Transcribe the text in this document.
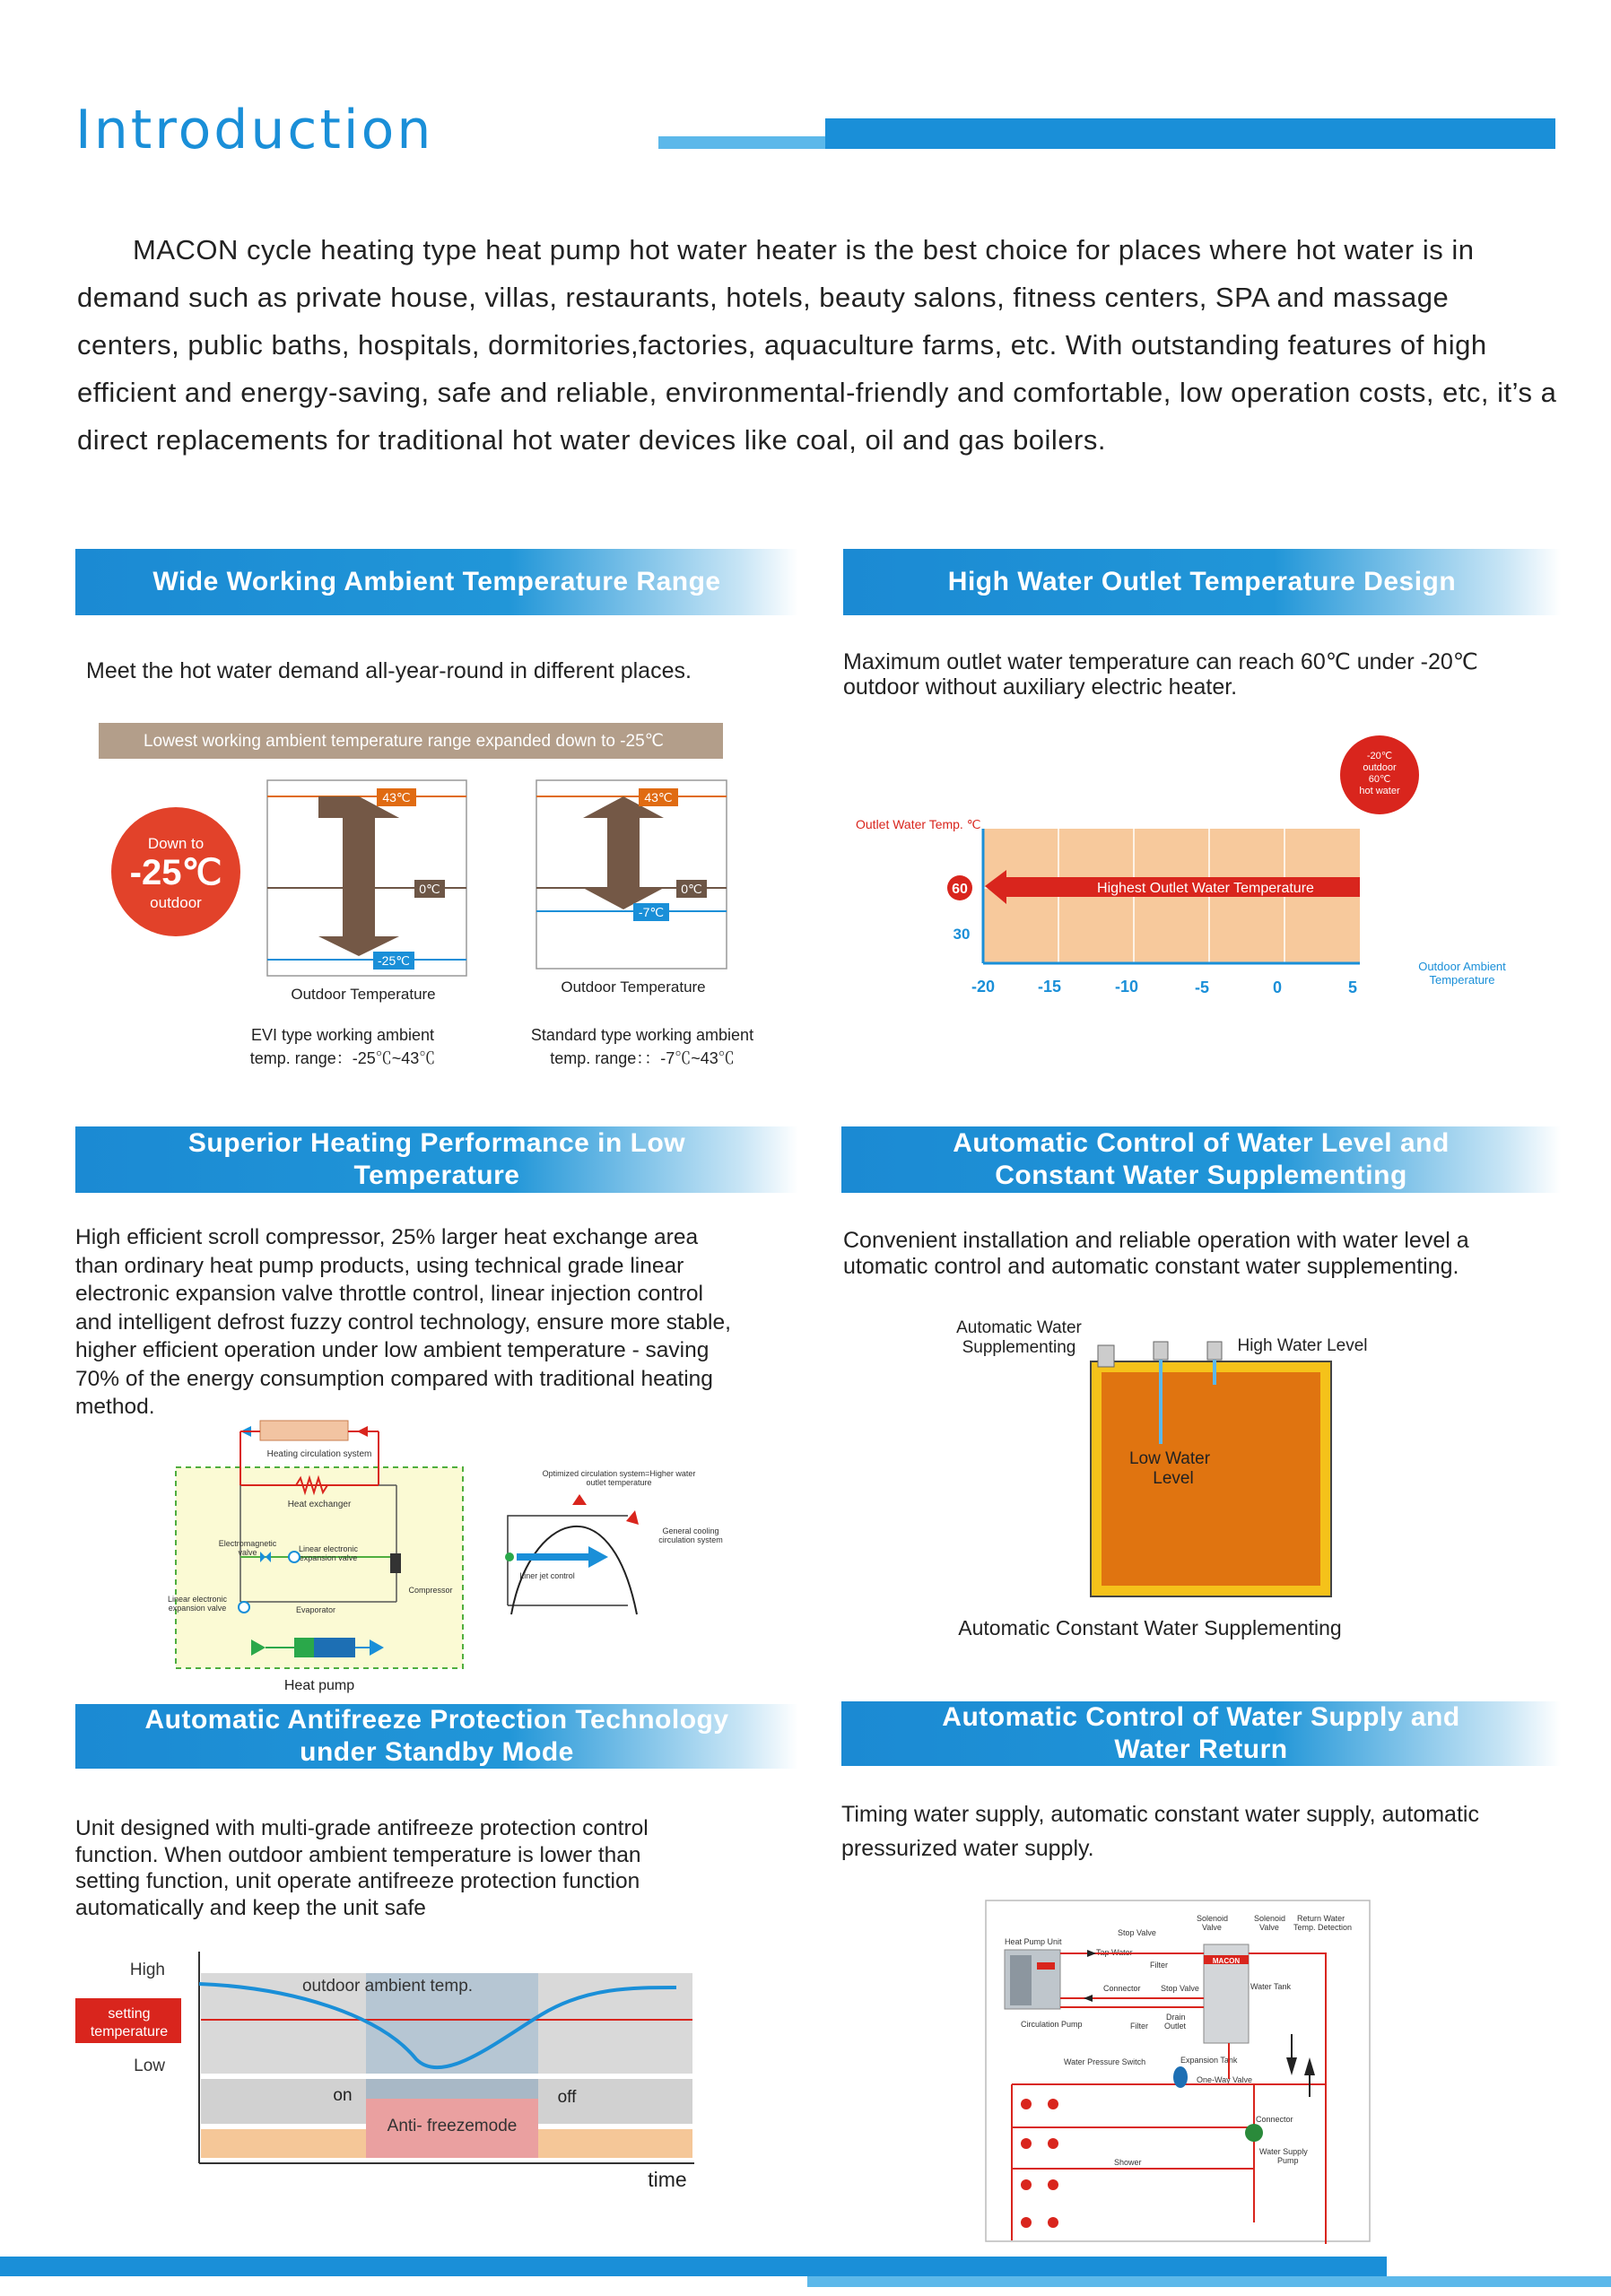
Introduction
MACON cycle heating type heat pump hot water heater is the best choice for places where hot water is in demand such as private house, villas, restaurants, hotels, beauty salons, fitness centers, SPA and massage centers, public baths, hospitals, dormitories,factories, aquaculture farms, etc. With outstanding features of high efficient and energy-saving, safe and reliable, environmental-friendly and comfortable, low operation costs, etc, it’s a direct replacements for traditional hot water devices like coal, oil and gas boilers.
Wide Working Ambient Temperature Range
Meet the hot water demand all-year-round in different places.
Lowest working ambient temperature range expanded down to -25℃
Down to
-25℃
outdoor
43℃
0℃
-25℃
Outdoor Temperature
EVI type working ambient
temp. range：-25℃~43℃
43℃
0℃
-7℃
Outdoor Temperature
Standard type working ambient
temp. range：：-7℃~43℃
High Water Outlet Temperature Design
Maximum outlet water temperature can reach 60℃ under -20℃
outdoor without auxiliary electric heater.
-20℃
outdoor
60℃
hot water
Outlet Water Temp. ℃
Highest Outlet Water Temperature
60
30
-20	-15	-10	-5	0	5
Outdoor Ambient
Temperature
Superior Heating Performance in Low
Temperature
High efficient scroll compressor, 25% larger heat exchange area
than ordinary heat pump products, using technical grade linear
electronic expansion valve throttle control, linear injection control
and intelligent defrost fuzzy control technology, ensure more stable,
higher efficient operation under low ambient temperature - saving
70% of the energy consumption compared with traditional heating
method.
Heating circulation system
Heat exchanger
Electromagnetic
valve	Linear electronic
expansion valve
Compressor
Evaporator
Linear electronic
expansion valve
Heat pump
Optimized circulation system=Higher water
outlet temperature
Liner jet control
General cooling
circulation system
Automatic Control of Water Level and
Constant Water Supplementing
Convenient installation and reliable operation with water level a
utomatic control and automatic constant water supplementing.
Automatic Water
Supplementing	High Water Level
Low Water
Level
Automatic Constant Water Supplementing
Automatic Antifreeze Protection Technology
under Standby Mode
Unit designed with multi-grade antifreeze protection control
function. When outdoor ambient temperature is lower than
setting function, unit operate antifreeze protection function
automatically and keep the unit safe
High
Low
setting
temperature
outdoor ambient temp.
on	off
Anti- freezemode
time
Automatic Control of Water Supply and
Water Return
Timing water supply, automatic constant water supply, automatic
pressurized water supply.
Heat Pump Unit
Stop Valve
Solenoid
Valve
Solenoid
Valve
Return Water
Temp. Detection
Tap Water
Filter
Water Tank
Connector Stop Valve
Circulation Pump	Filter
Drain
Outlet
Water Pressure Switch	Expansion Tank
One-Way Valve
Connector
Shower
Water Supply
Pump
MACON
